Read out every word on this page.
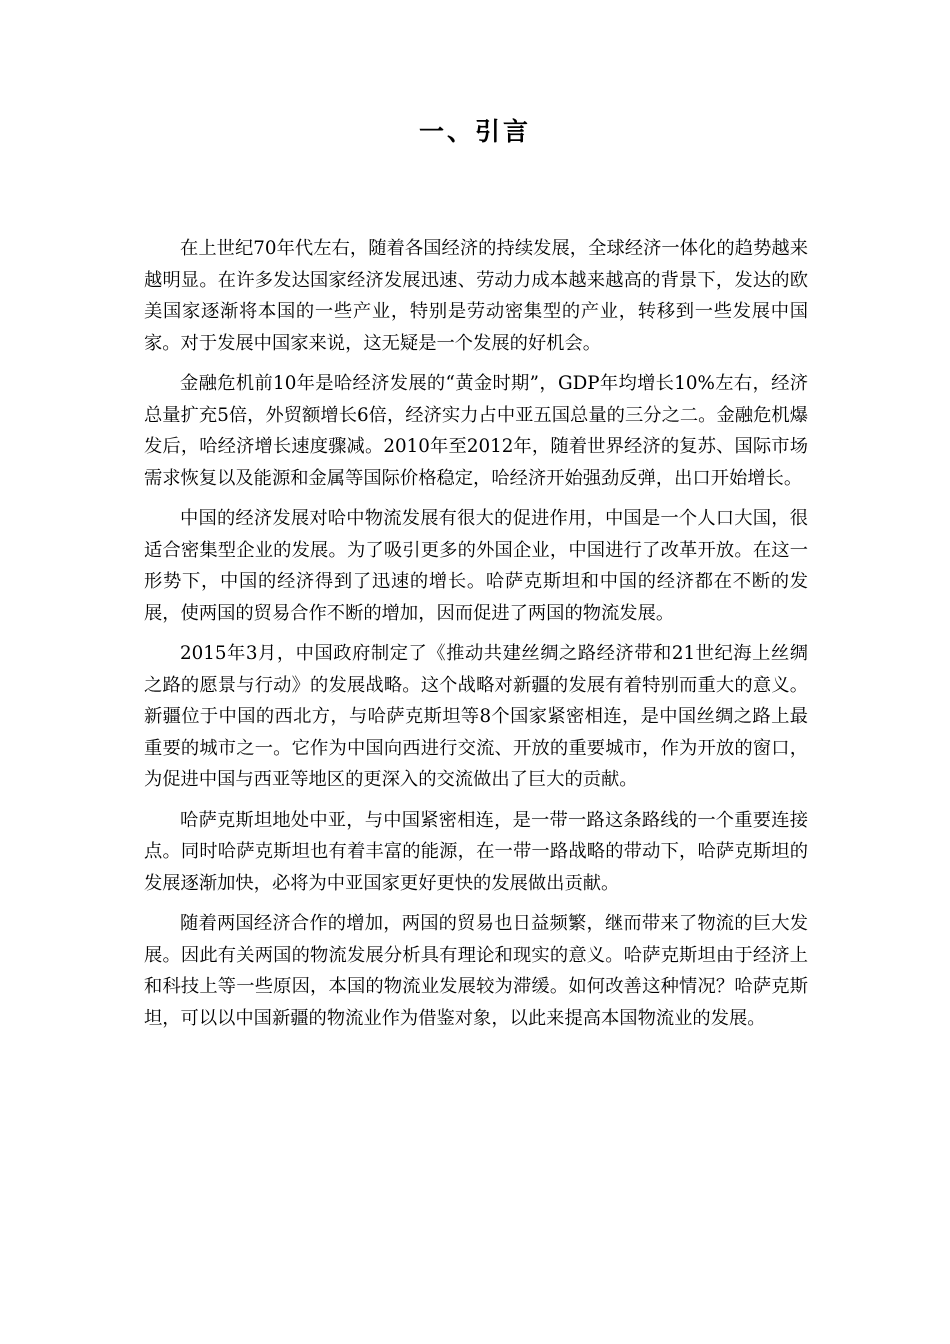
一、引言

在上世纪70年代左右，随着各国经济的持续发展，全球经济一体化的趋势越来越明显。在许多发达国家经济发展迅速、劳动力成本越来越高的背景下，发达的欧美国家逐渐将本国的一些产业，特别是劳动密集型的产业，转移到一些发展中国家。对于发展中国家来说，这无疑是一个发展的好机会。

金融危机前10年是哈经济发展的“黄金时期”，GDP年均增长10%左右，经济总量扩充5倍，外贸额增长6倍，经济实力占中亚五国总量的三分之二。金融危机爆发后，哈经济增长速度骤减。2010年至2012年，随着世界经济的复苏、国际市场需求恢复以及能源和金属等国际价格稳定，哈经济开始强劲反弹，出口开始增长。

中国的经济发展对哈中物流发展有很大的促进作用，中国是一个人口大国，很适合密集型企业的发展。为了吸引更多的外国企业，中国进行了改革开放。在这一形势下，中国的经济得到了迅速的增长。哈萨克斯坦和中国的经济都在不断的发展，使两国的贸易合作不断的增加，因而促进了两国的物流发展。

2015年3月，中国政府制定了《推动共建丝绸之路经济带和21世纪海上丝绸之路的愿景与行动》的发展战略。这个战略对新疆的发展有着特别而重大的意义。新疆位于中国的西北方，与哈萨克斯坦等8个国家紧密相连，是中国丝绸之路上最重要的城市之一。它作为中国向西进行交流、开放的重要城市，作为开放的窗口，为促进中国与西亚等地区的更深入的交流做出了巨大的贡献。

哈萨克斯坦地处中亚，与中国紧密相连，是一带一路这条路线的一个重要连接点。同时哈萨克斯坦也有着丰富的能源，在一带一路战略的带动下，哈萨克斯坦的发展逐渐加快，必将为中亚国家更好更快的发展做出贡献。

随着两国经济合作的增加，两国的贸易也日益频繁，继而带来了物流的巨大发展。因此有关两国的物流发展分析具有理论和现实的意义。哈萨克斯坦由于经济上和科技上等一些原因，本国的物流业发展较为滞缓。如何改善这种情况？哈萨克斯坦，可以以中国新疆的物流业作为借鉴对象，以此来提高本国物流业的发展。
